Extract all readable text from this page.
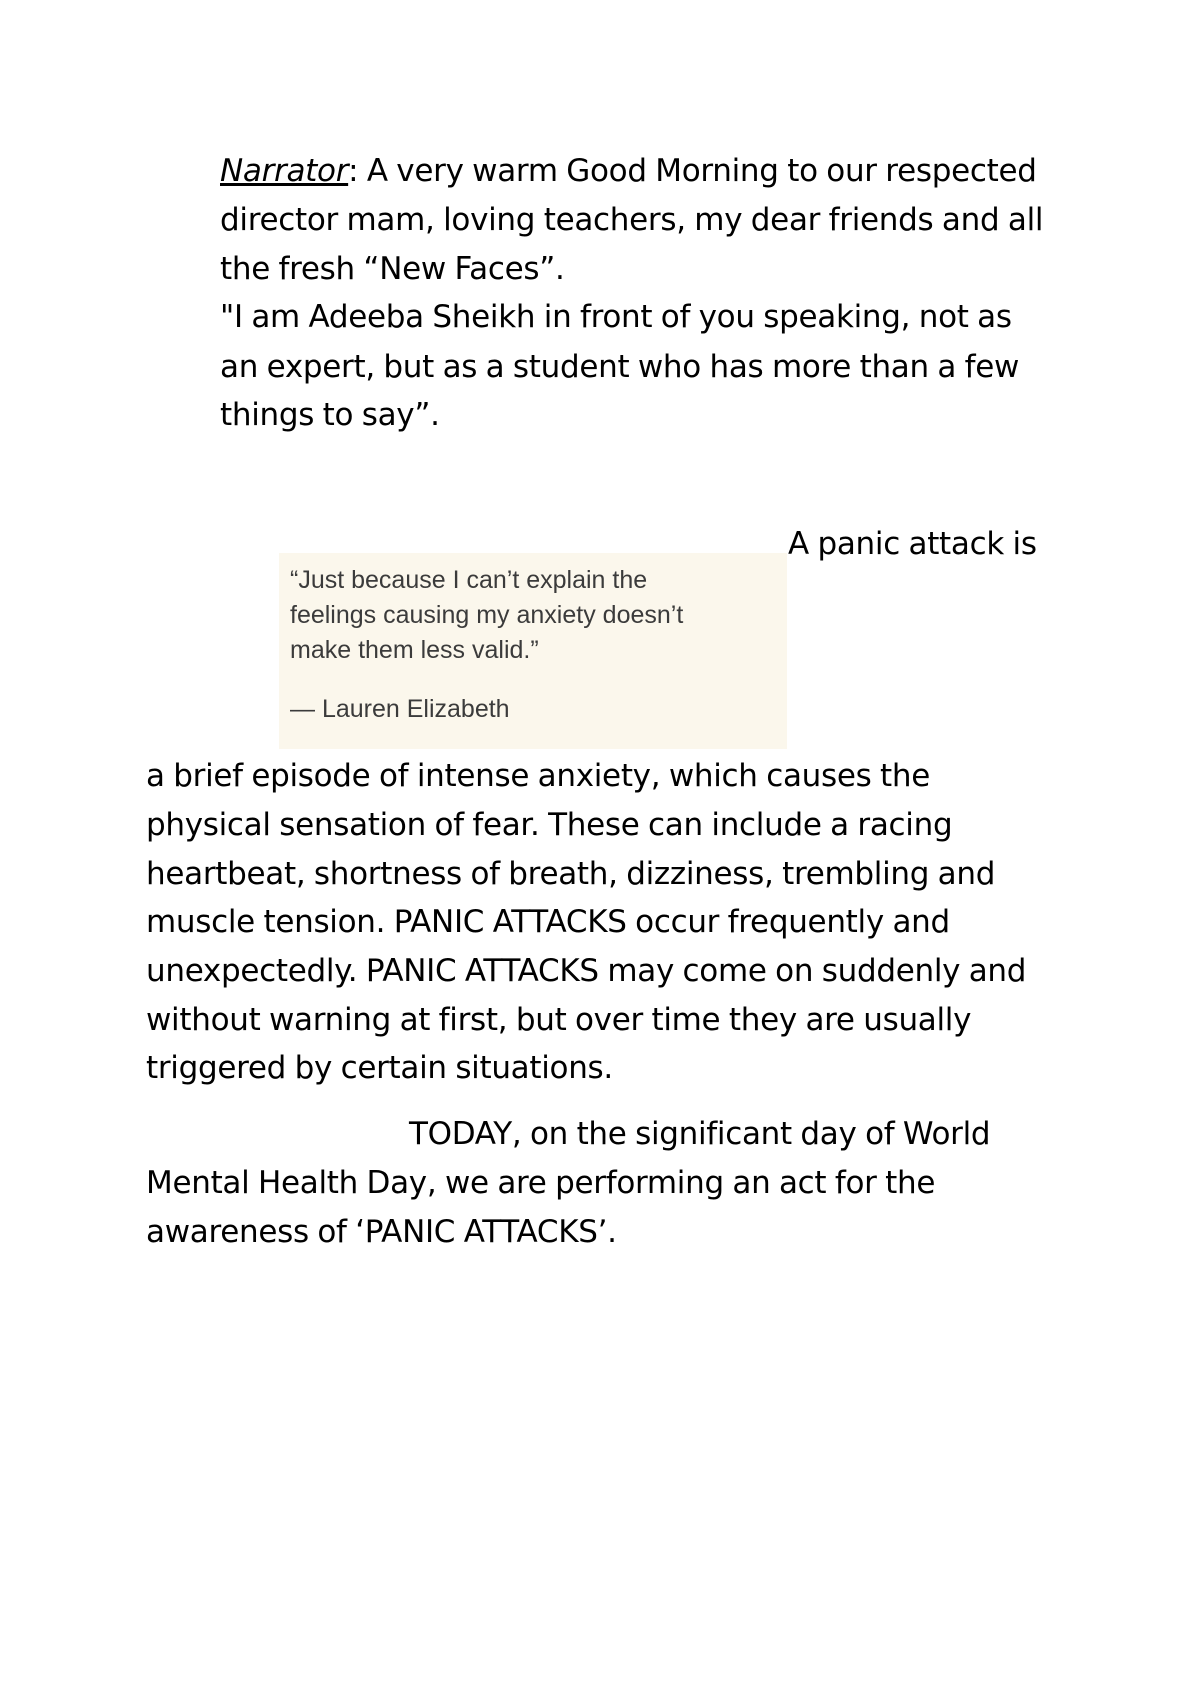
Narrator: A very warm Good Morning to our respected
director mam, loving teachers, my dear friends and all
the fresh “New Faces”.
"I am Adeeba Sheikh in front of you speaking, not as
an expert, but as a student who has more than a few
things to say”.
A panic attack is
“Just because I can’t explain the
feelings causing my anxiety doesn’t
make them less valid.”
— Lauren Elizabeth
a brief episode of intense anxiety, which causes the
physical sensation of fear. These can include a racing
heartbeat, shortness of breath, dizziness, trembling and
muscle tension. PANIC ATTACKS occur frequently and
unexpectedly. PANIC ATTACKS may come on suddenly and
without warning at first, but over time they are usually
triggered by certain situations.
TODAY, on the significant day of World
Mental Health Day, we are performing an act for the
awareness of ‘PANIC ATTACKS’.
